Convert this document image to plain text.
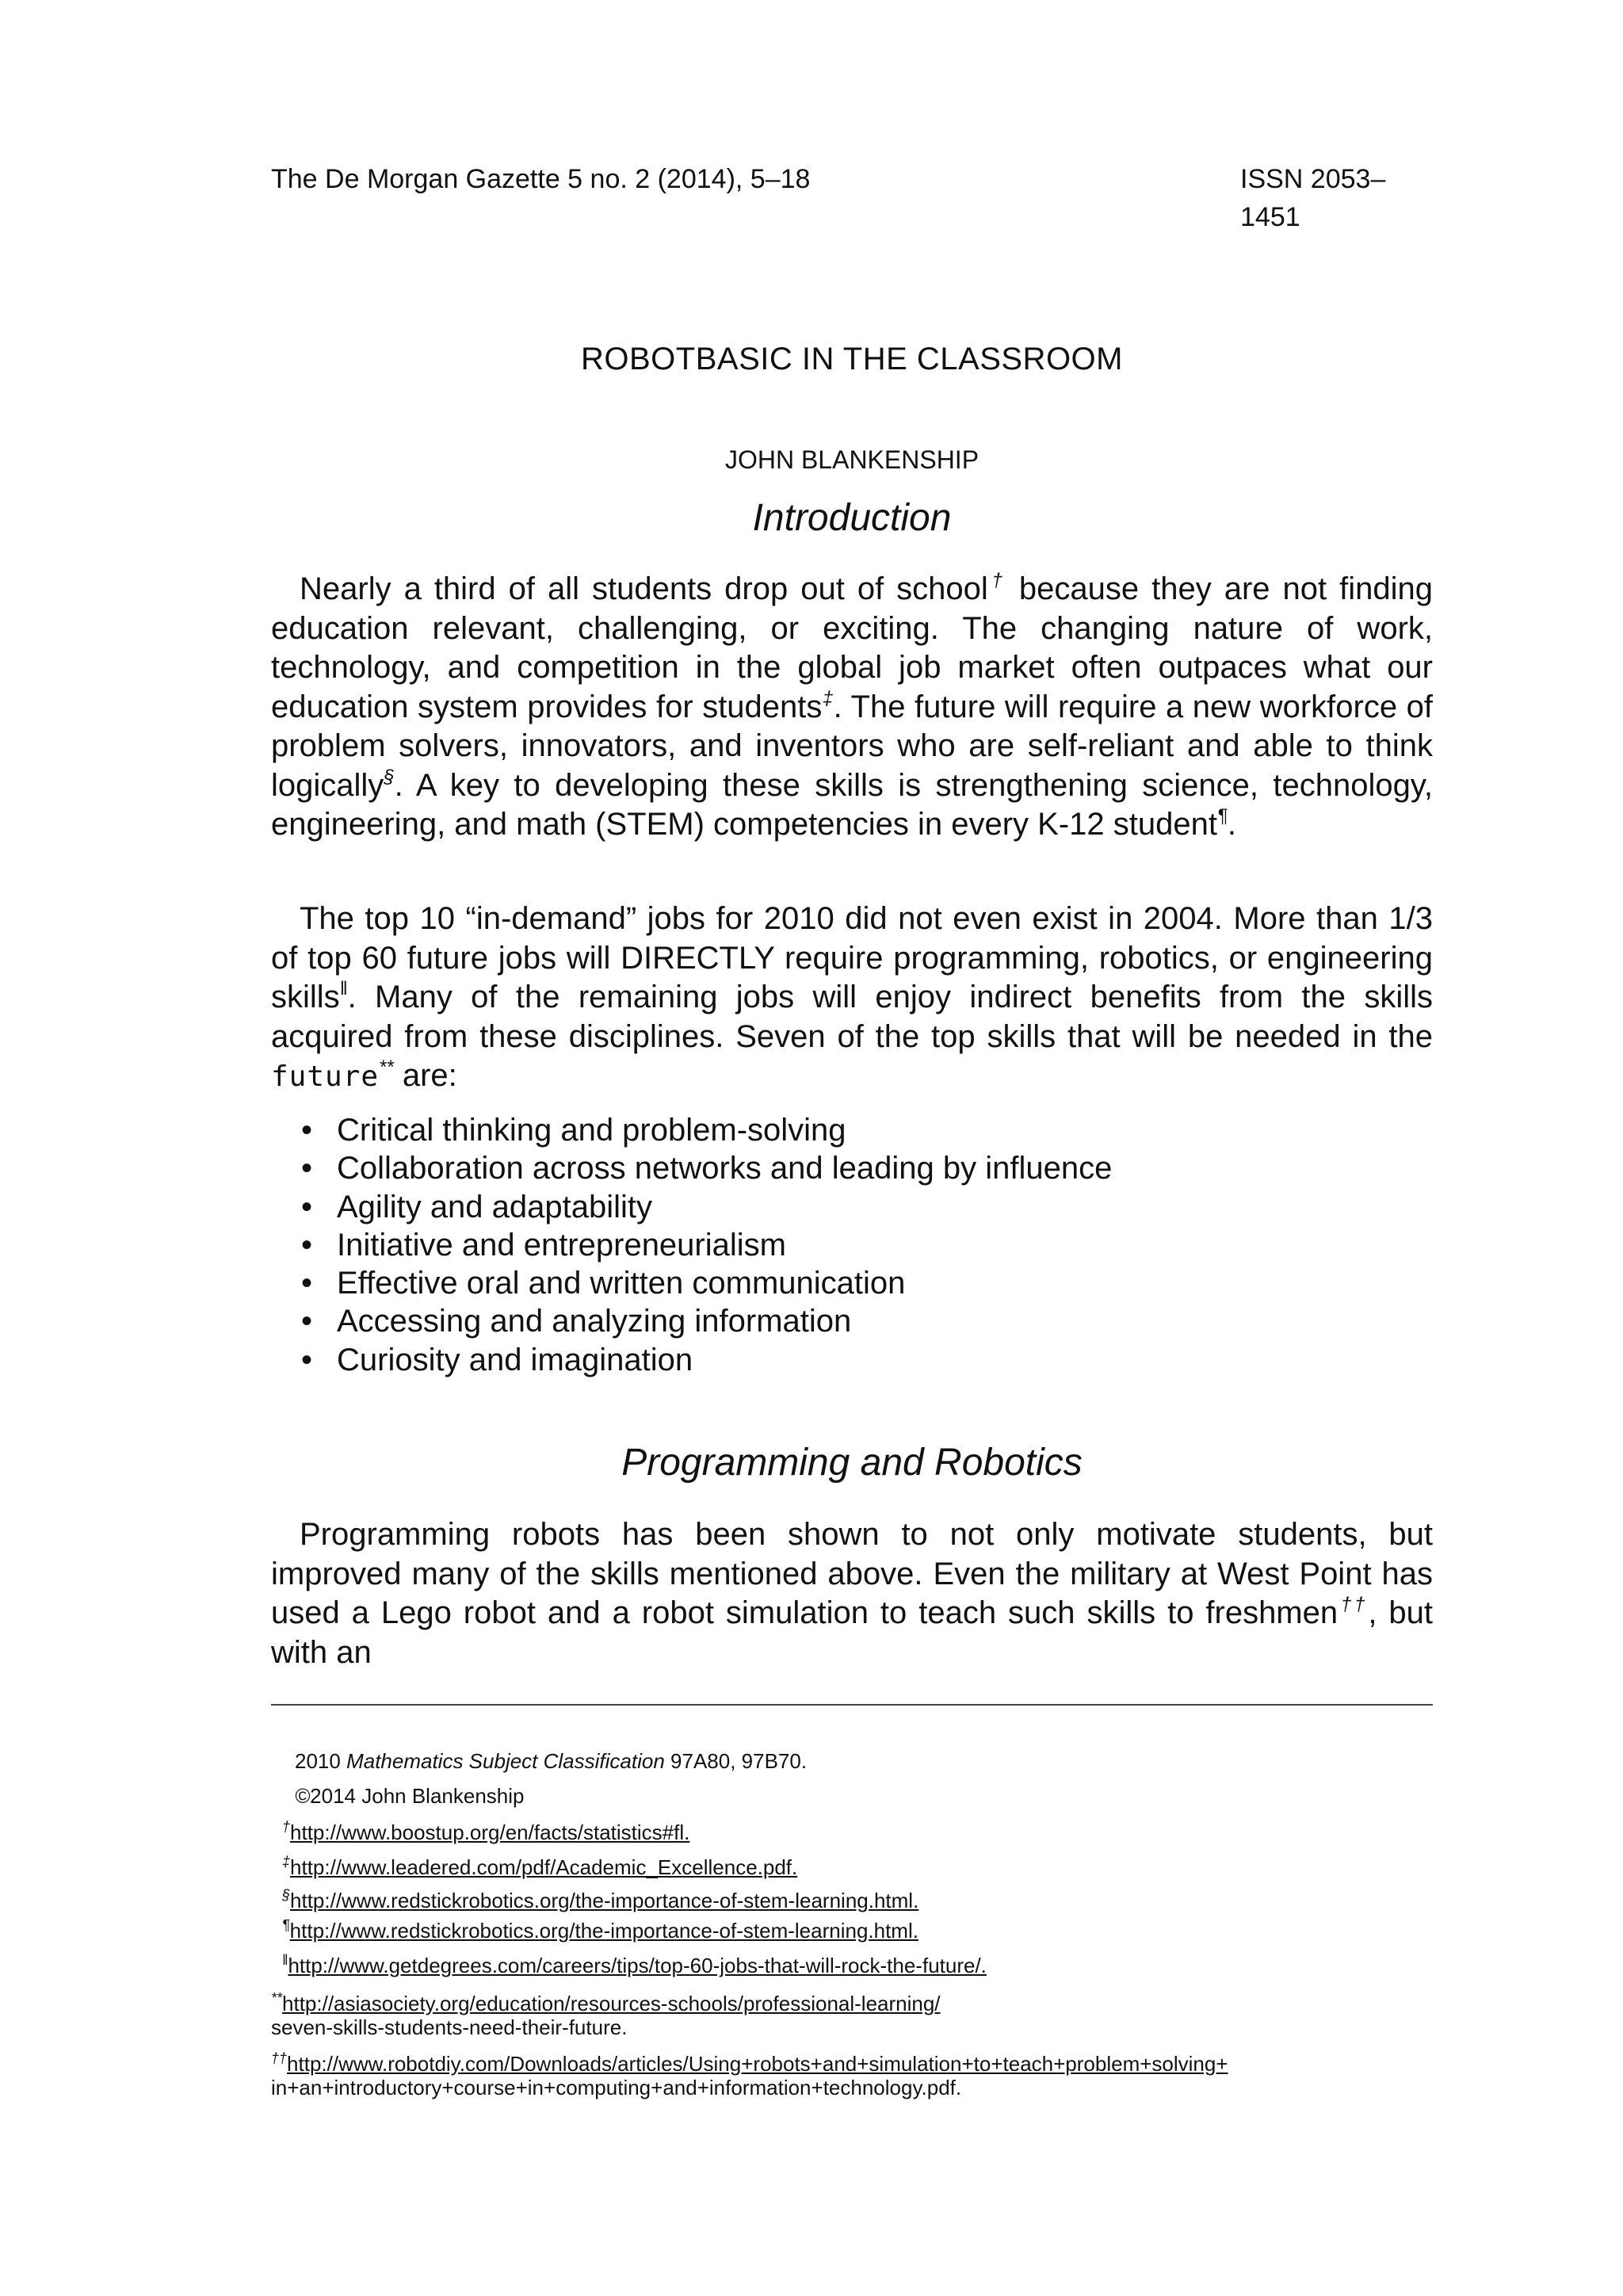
The De Morgan Gazette 5 no. 2 (2014), 5–18	ISSN 2053–
1451
ROBOTBASIC IN THE CLASSROOM
JOHN BLANKENSHIP
Introduction

Nearly a third of all students drop out of school† because they are not finding education relevant, challenging, or exciting. The changing nature of work, technology, and competition in the global job market often outpaces what our education system provides for students‡. The future will require a new workforce of problem solvers, innovators, and inventors who are self-reliant and able to think logically§. A key to developing these skills is strengthening science, technology, engineering, and math (STEM) competencies in every K-12 student¶.

The top 10 “in-demand” jobs for 2010 did not even exist in 2004. More than 1/3 of top 60 future jobs will DIRECTLY require programming, robotics, or engineering skills‖. Many of the remaining jobs will enjoy indirect benefits from the skills acquired from these disciplines. Seven of the top skills that will be needed in the future** are:

• Critical thinking and problem-solving
• Collaboration across networks and leading by influence
• Agility and adaptability
• Initiative and entrepreneurialism
• Effective oral and written communication
• Accessing and analyzing information
• Curiosity and imagination
Programming and Robotics

Programming robots has been shown to not only motivate students, but improved many of the skills mentioned above. Even the military at West Point has used a Lego robot and a robot simulation to teach such skills to freshmen††, but with an

2010 Mathematics Subject Classification 97A80, 97B70.
©2014 John Blankenship
†http://www.boostup.org/en/facts/statistics#fl.
‡http://www.leadered.com/pdf/Academic_Excellence.pdf.
§http://www.redstickrobotics.org/the-importance-of-stem-learning.html.
¶http://www.redstickrobotics.org/the-importance-of-stem-learning.html.
‖http://www.getdegrees.com/careers/tips/top-60-jobs-that-will-rock-the-future/.
**http://asiasociety.org/education/resources-schools/professional-learning/
seven-skills-students-need-their-future.
††http://www.robotdiy.com/Downloads/articles/Using+robots+and+simulation+to+teach+problem+solving+
in+an+introductory+course+in+computing+and+information+technology.pdf.
